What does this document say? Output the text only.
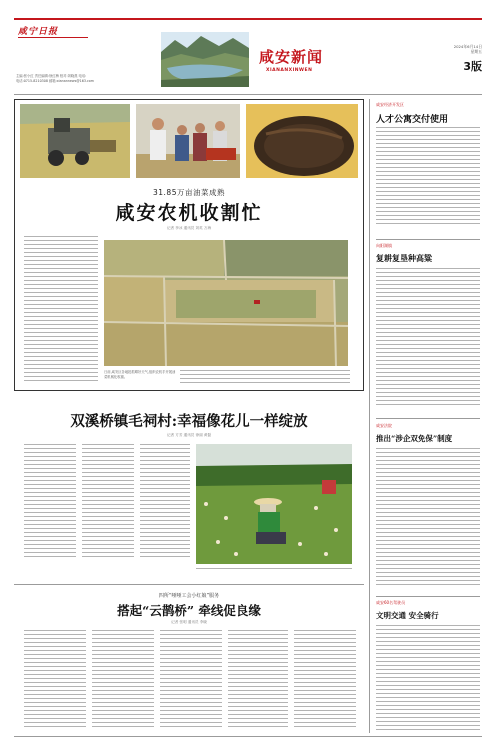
咸宁日报
主编:张小红 责任编辑:徐红梅 校对:刘晓燕 电话:
电话:0715-8210308 邮箱:xianannews@163.com
咸安新闻
XIANANXINWEN
2024年6月14日
星期五
3版
31.85万亩油菜成熟
咸安农机收割忙
记者 李冰 通讯员 刘英 万海
日前,咸安区各地抢抓晴好天气,组织农机手开展油菜机械化收割。
双溪桥镇毛祠村:幸福像花儿一样绽放
记者 方芳 通讯员 徐丽 黄磊
四所“哑哑工会小红娘”服务
搭起“云鹊桥” 牵线促良缘
记者 张明 通讯员 李晓
咸安经济开发区
人才公寓交付使用
向阳湖镇
复耕复垦种高粱
咸安法院
推出“涉企双免保”制度
咸安60名驾驶员
文明交通 安全骑行
